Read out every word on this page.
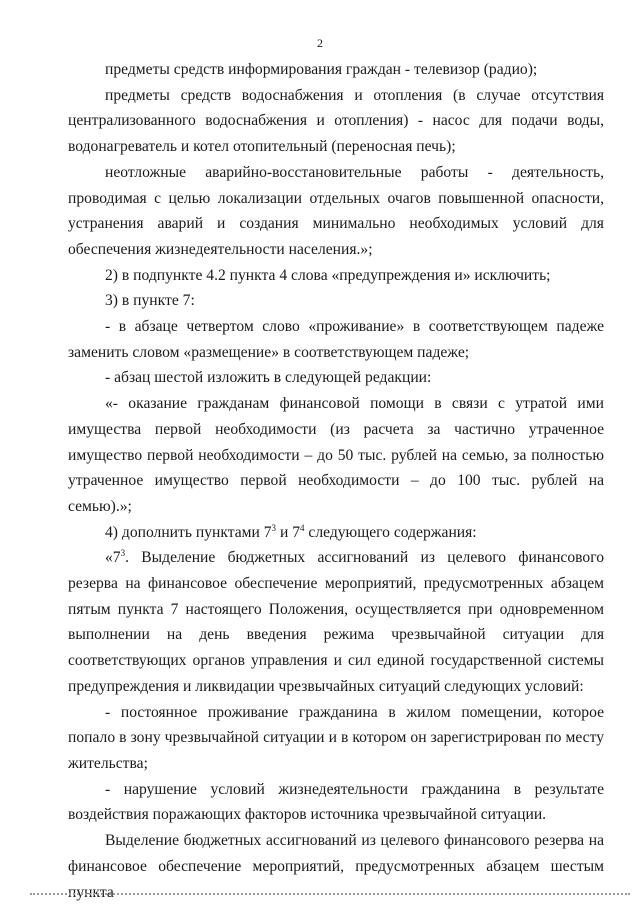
2

предметы средств информирования граждан - телевизор (радио);

предметы средств водоснабжения и отопления (в случае отсутствия централизованного водоснабжения и отопления) - насос для подачи воды, водонагреватель и котел отопительный (переносная печь);

неотложные аварийно-восстановительные работы - деятельность, проводимая с целью локализации отдельных очагов повышенной опасности, устранения аварий и создания минимально необходимых условий для обеспечения жизнедеятельности населения.»;

2) в подпункте 4.2 пункта 4 слова «предупреждения и» исключить;

3) в пункте 7:

- в абзаце четвертом слово «проживание» в соответствующем падеже заменить словом «размещение» в соответствующем падеже;

- абзац шестой изложить в следующей редакции:

«- оказание гражданам финансовой помощи в связи с утратой ими имущества первой необходимости (из расчета за частично утраченное имущество первой необходимости – до 50 тыс. рублей на семью, за полностью утраченное имущество первой необходимости – до 100 тыс. рублей на семью).»;

4) дополнить пунктами $7^3$ и $7^4$ следующего содержания:

«$7^3$. Выделение бюджетных ассигнований из целевого финансового резерва на финансовое обеспечение мероприятий, предусмотренных абзацем пятым пункта 7 настоящего Положения, осуществляется при одновременном выполнении на день введения режима чрезвычайной ситуации для соответствующих органов управления и сил единой государственной системы предупреждения и ликвидации чрезвычайных ситуаций следующих условий:

- постоянное проживание гражданина в жилом помещении, которое попало в зону чрезвычайной ситуации и в котором он зарегистрирован по месту жительства;

- нарушение условий жизнедеятельности гражданина в результате воздействия поражающих факторов источника чрезвычайной ситуации.

Выделение бюджетных ассигнований из целевого финансового резерва на финансовое обеспечение мероприятий, предусмотренных абзацем шестым пункта
